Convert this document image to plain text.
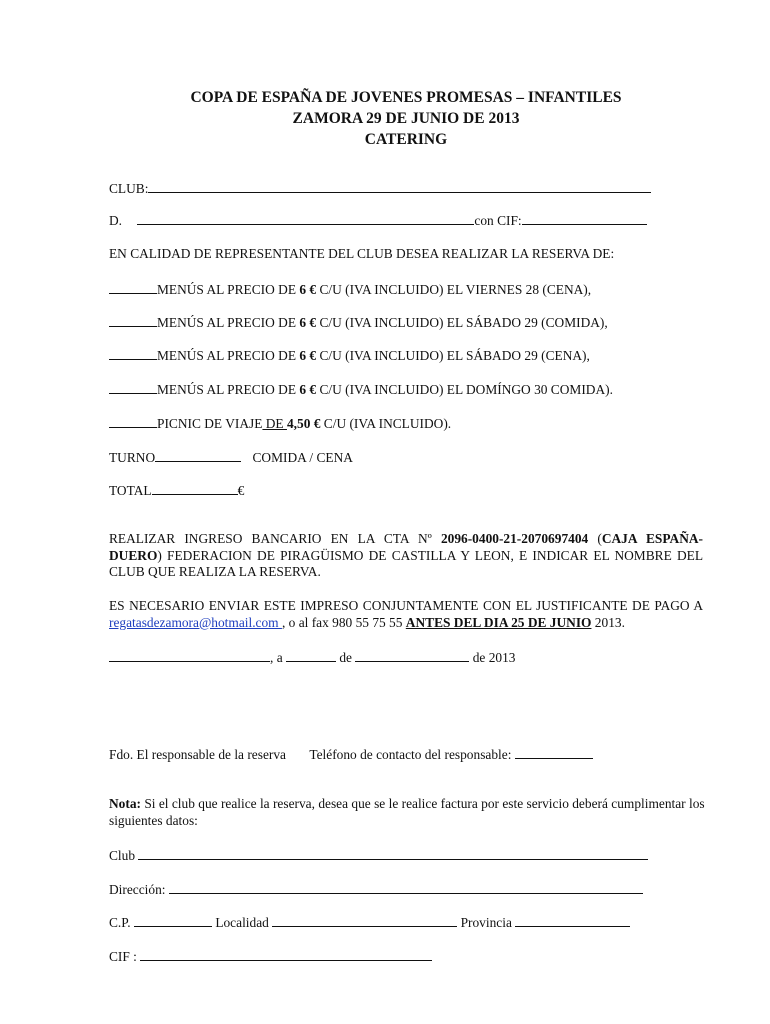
COPA DE ESPAÑA DE JOVENES PROMESAS – INFANTILES
ZAMORA 29 DE JUNIO DE 2013
CATERING
CLUB:
D.	con CIF:
EN CALIDAD DE REPRESENTANTE DEL CLUB DESEA REALIZAR LA RESERVA DE:
MENÚS AL PRECIO DE 6 € C/U (IVA INCLUIDO) EL VIERNES 28 (CENA),
MENÚS AL PRECIO DE 6 € C/U (IVA INCLUIDO) EL SÁBADO 29 (COMIDA),
MENÚS AL PRECIO DE 6 € C/U (IVA INCLUIDO) EL SÁBADO 29 (CENA),
MENÚS AL PRECIO DE 6 € C/U (IVA INCLUIDO) EL DOMÍNGO 30 COMIDA).
PICNIC DE VIAJE DE 4,50 € C/U (IVA INCLUIDO).
TURNO	COMIDA / CENA
TOTAL	€
REALIZAR INGRESO BANCARIO EN LA CTA Nº 2096-0400-21-2070697404 (CAJA ESPAÑA-DUERO) FEDERACION DE PIRAGÜISMO DE CASTILLA Y LEON, E INDICAR EL NOMBRE DEL CLUB QUE REALIZA LA RESERVA.
ES NECESARIO ENVIAR ESTE IMPRESO CONJUNTAMENTE CON EL JUSTIFICANTE DE PAGO A regatasdezamora@hotmail.com , o al fax 980 55 75 55 ANTES DEL DIA 25 DE JUNIO 2013.
, a	de	de 2013
Fdo. El responsable de la reserva Teléfono de contacto del responsable:
Nota: Si el club que realice la reserva, desea que se le realice factura por este servicio deberá cumplimentar los siguientes datos:
Club
Dirección:
C.P.	Localidad	Provincia
CIF :
